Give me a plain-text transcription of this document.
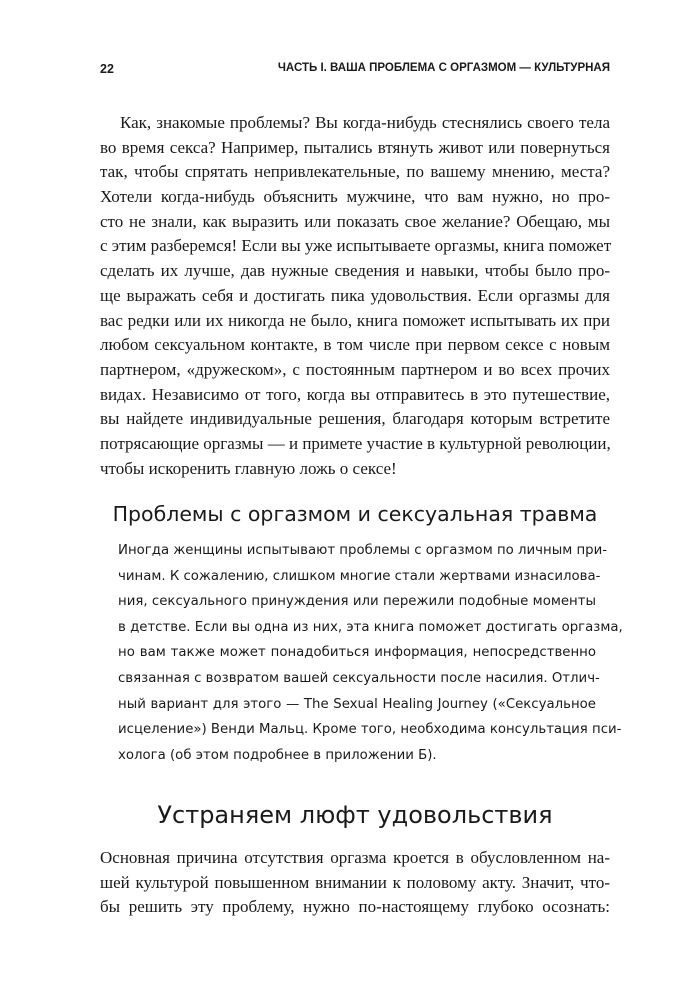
22	ЧАСТЬ I. ВАША ПРОБЛЕМА С ОРГАЗМОМ — КУЛЬТУРНАЯ
Как, знакомые проблемы? Вы когда-нибудь стеснялись своего тела
во время секса? Например, пытались втянуть живот или повернуться
так, чтобы спрятать непривлекательные, по вашему мнению, места?
Хотели когда-нибудь объяснить мужчине, что вам нужно, но про-
сто не знали, как выразить или показать свое желание? Обещаю, мы
с этим разберемся! Если вы уже испытываете оргазмы, книга поможет
сделать их лучше, дав нужные сведения и навыки, чтобы было про-
ще выражать себя и достигать пика удовольствия. Если оргазмы для
вас редки или их никогда не было, книга поможет испытывать их при
любом сексуальном контакте, в том числе при первом сексе с новым
партнером, «дружеском», с постоянным партнером и во всех прочих
видах. Независимо от того, когда вы отправитесь в это путешествие,
вы найдете индивидуальные решения, благодаря которым встретите
потрясающие оргазмы — и примете участие в культурной революции,
чтобы искоренить главную ложь о сексе!
Проблемы с оргазмом и сексуальная травма
Иногда женщины испытывают проблемы с оргазмом по личным при-
чинам. К сожалению, слишком многие стали жертвами изнасилова-
ния, сексуального принуждения или пережили подобные моменты
в детстве. Если вы одна из них, эта книга поможет достигать оргазма,
но вам также может понадобиться информация, непосредственно
связанная с возвратом вашей сексуальности после насилия. Отлич-
ный вариант для этого — The Sexual Healing Journey («Сексуальное
исцеление») Венди Мальц. Кроме того, необходима консультация пси-
холога (об этом подробнее в приложении Б).
Устраняем люфт удовольствия
Основная причина отсутствия оргазма кроется в обусловленном на-
шей культурой повышенном внимании к половому акту. Значит, что-
бы решить эту проблему, нужно по-настоящему глубоко осознать:
